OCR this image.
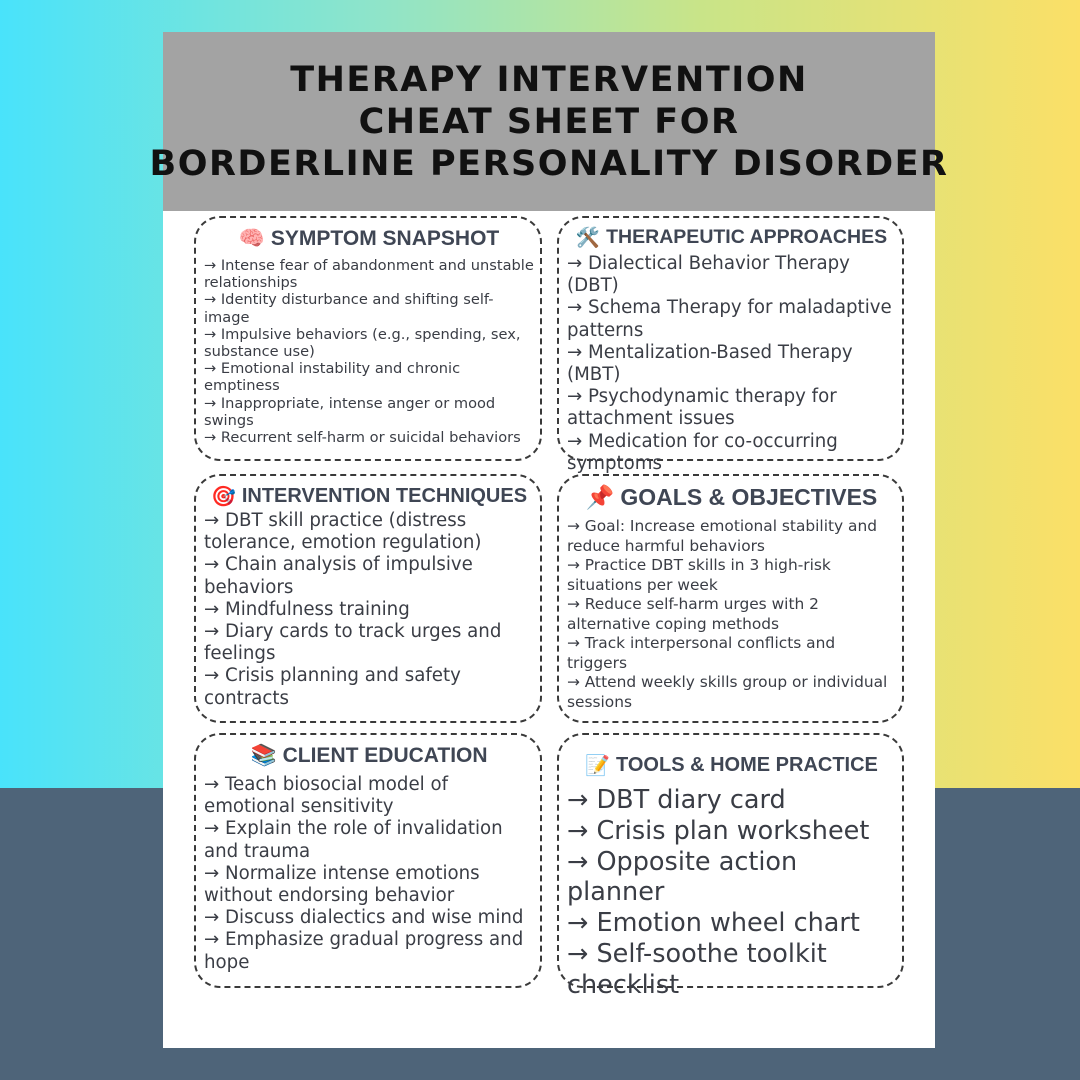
THERAPY INTERVENTION
CHEAT SHEET FOR
BORDERLINE PERSONALITY DISORDER
🧠 SYMPTOM SNAPSHOT
→ Intense fear of abandonment and unstable relationships
→ Identity disturbance and shifting self-image
→ Impulsive behaviors (e.g., spending, sex, substance use)
→ Emotional instability and chronic emptiness
→ Inappropriate, intense anger or mood swings
→ Recurrent self-harm or suicidal behaviors
🛠️ THERAPEUTIC APPROACHES
→ Dialectical Behavior Therapy (DBT)
→ Schema Therapy for maladaptive patterns
→ Mentalization-Based Therapy (MBT)
→ Psychodynamic therapy for attachment issues
→ Medication for co-occurring symptoms
🎯 INTERVENTION TECHNIQUES
→ DBT skill practice (distress tolerance, emotion regulation)
→ Chain analysis of impulsive behaviors
→ Mindfulness training
→ Diary cards to track urges and feelings
→ Crisis planning and safety contracts
📌 GOALS & OBJECTIVES
→ Goal: Increase emotional stability and reduce harmful behaviors
→ Practice DBT skills in 3 high-risk situations per week
→ Reduce self-harm urges with 2 alternative coping methods
→ Track interpersonal conflicts and triggers
→ Attend weekly skills group or individual sessions
📚 CLIENT EDUCATION
→ Teach biosocial model of emotional sensitivity
→ Explain the role of invalidation and trauma
→ Normalize intense emotions without endorsing behavior
→ Discuss dialectics and wise mind
→ Emphasize gradual progress and hope
📝 TOOLS & HOME PRACTICE
→ DBT diary card
→ Crisis plan worksheet
→ Opposite action planner
→ Emotion wheel chart
→ Self-soothe toolkit checklist
